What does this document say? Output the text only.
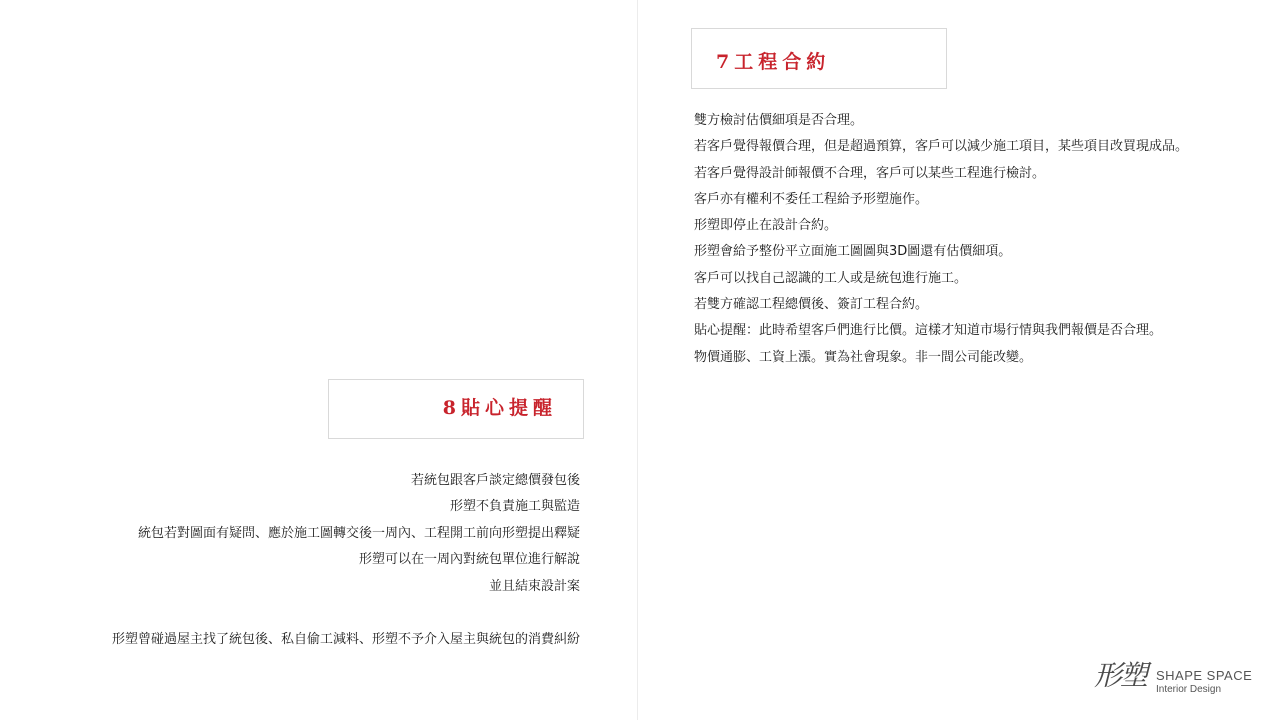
7工程合約
雙方檢討估價細項是否合理。
若客戶覺得報價合理，但是超過預算，客戶可以減少施工項目，某些項目改買現成品。
若客戶覺得設計師報價不合理，客戶可以某些工程進行檢討。
客戶亦有權利不委任工程給予形塑施作。
形塑即停止在設計合約。
形塑會給予整份平立面施工圖圖與3D圖還有估價細項。
客戶可以找自己認識的工人或是統包進行施工。
若雙方確認工程總價後、簽訂工程合約。
貼心提醒：此時希望客戶們進行比價。這樣才知道市場行情與我們報價是否合理。
物價通膨、工資上漲。實為社會現象。非一間公司能改變。
8貼心提醒
若統包跟客戶談定總價發包後
形塑不負責施工與監造
統包若對圖面有疑問、應於施工圖轉交後一周內、工程開工前向形塑提出釋疑
形塑可以在一周內對統包單位進行解說
並且結束設計案
形塑曾碰過屋主找了統包後、私自偷工減料、形塑不予介入屋主與統包的消費糾紛
形塑 SHAPE SPACE
Interior Design
